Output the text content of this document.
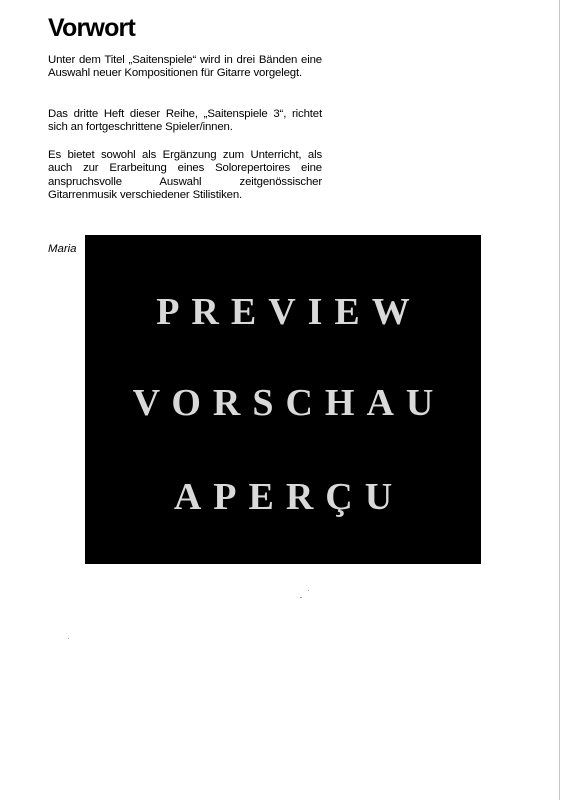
Vorwort

Unter dem Titel „Saitenspiele“ wird in drei Bänden eine Auswahl neuer Kompositionen für Gitarre vorgelegt.

Das dritte Heft dieser Reihe, „Saitenspiele 3“, richtet sich an fortgeschrittene Spieler/innen.

Es bietet sowohl als Ergänzung zum Unterricht, als auch zur Erarbeitung eines Solorepertoires eine anspruchsvolle Auswahl zeitgenössischer Gitarrenmusik verschiedener Stilistiken.

Maria

PREVIEW

VORSCHAU

APERÇU
